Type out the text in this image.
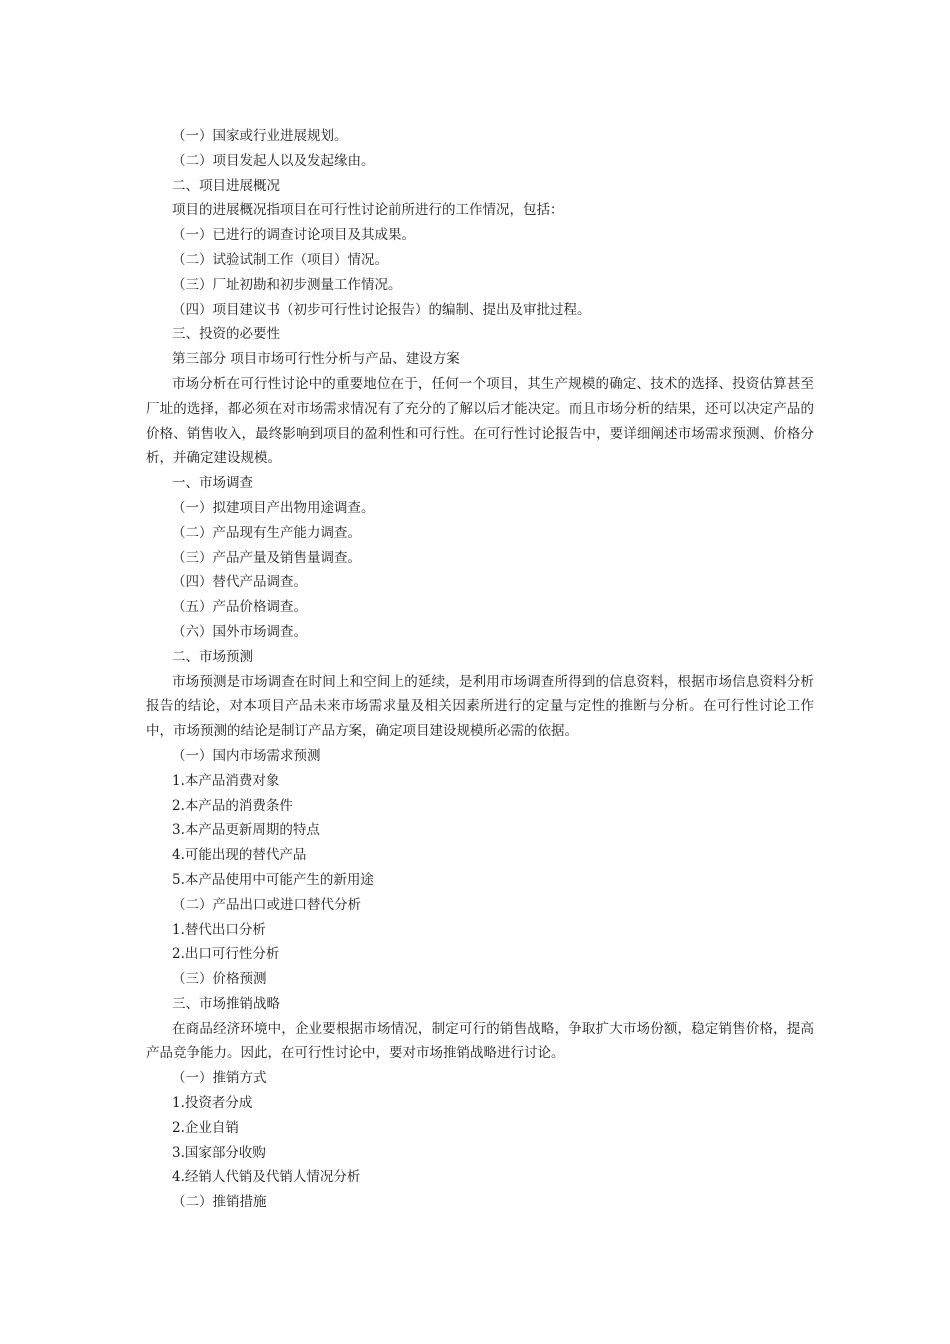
（一）国家或行业进展规划。
（二）项目发起人以及发起缘由。
二、项目进展概况
项目的进展概况指项目在可行性讨论前所进行的工作情况，包括：
（一）已进行的调查讨论项目及其成果。
（二）试验试制工作（项目）情况。
（三）厂址初勘和初步测量工作情况。
（四）项目建议书（初步可行性讨论报告）的编制、提出及审批过程。
三、投资的必要性
第三部分 项目市场可行性分析与产品、建设方案

市场分析在可行性讨论中的重要地位在于，任何一个项目，其生产规模的确定、技术的选择、投资估算甚至厂址的选择，都必须在对市场需求情况有了充分的了解以后才能决定。而且市场分析的结果，还可以决定产品的价格、销售收入，最终影响到项目的盈利性和可行性。在可行性讨论报告中，要详细阐述市场需求预测、价格分析，并确定建设规模。

一、市场调查
（一）拟建项目产出物用途调查。
（二）产品现有生产能力调查。
（三）产品产量及销售量调查。
（四）替代产品调查。
（五）产品价格调查。
（六）国外市场调查。
二、市场预测

市场预测是市场调查在时间上和空间上的延续，是利用市场调查所得到的信息资料，根据市场信息资料分析报告的结论，对本项目产品未来市场需求量及相关因素所进行的定量与定性的推断与分析。在可行性讨论工作中，市场预测的结论是制订产品方案，确定项目建设规模所必需的依据。

（一）国内市场需求预测
1.本产品消费对象
2.本产品的消费条件
3.本产品更新周期的特点
4.可能出现的替代产品
5.本产品使用中可能产生的新用途
（二）产品出口或进口替代分析
1.替代出口分析
2.出口可行性分析
（三）价格预测
三、市场推销战略

在商品经济环境中，企业要根据市场情况，制定可行的销售战略，争取扩大市场份额，稳定销售价格，提高产品竞争能力。因此，在可行性讨论中，要对市场推销战略进行讨论。

（一）推销方式
1.投资者分成
2.企业自销
3.国家部分收购
4.经销人代销及代销人情况分析
（二）推销措施
